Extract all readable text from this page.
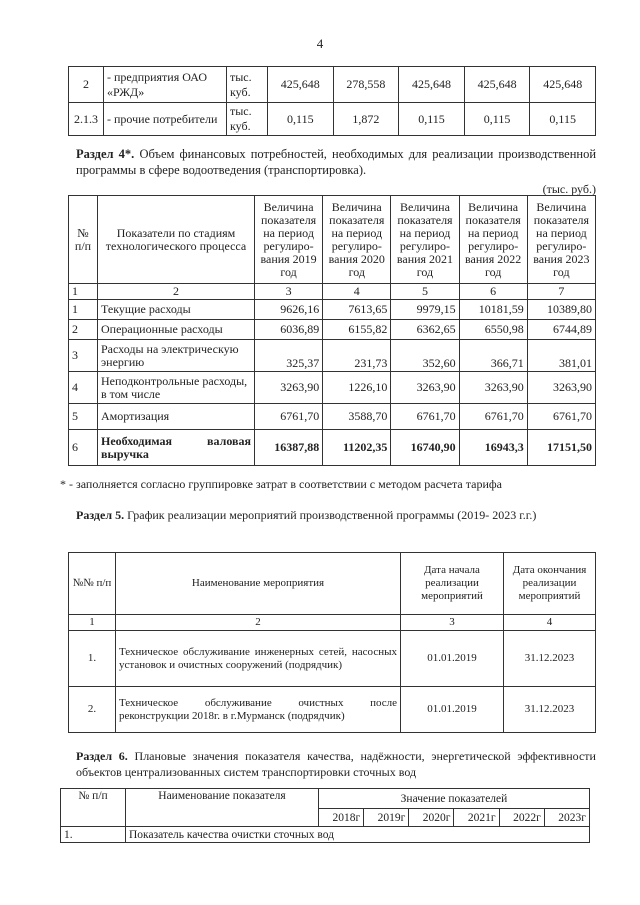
4
2	- предприятия ОАО «РЖД»	тыс. куб.	425,648	278,558	425,648	425,648	425,648
2.1.3	- прочие потребители	тыс. куб.	0,115	1,872	0,115	0,115	0,115

Раздел 4*. Объем финансовых потребностей, необходимых для реализации производственной программы в сфере водоотведения (транспортировка).

(тыс. руб.)
№ п/п	Показатели по стадиям технологического процесса	Величина показателя на период регулиро-вания 2019 год	Величина показателя на период регулиро-вания 2020 год	Величина показателя на период регулиро-вания 2021 год	Величина показателя на период регулиро-вания 2022 год	Величина показателя на период регулиро-вания 2023 год
1	2	3	4	5	6	7
1	Текущие расходы	9626,16	7613,65	9979,15	10181,59	10389,80
2	Операционные расходы	6036,89	6155,82	6362,65	6550,98	6744,89
3	Расходы на электрическую энергию	325,37	231,73	352,60	366,71	381,01
4	Неподконтрольные расходы, в том числе	3263,90	1226,10	3263,90	3263,90	3263,90
5	Амортизация	6761,70	3588,70	6761,70	6761,70	6761,70
6	Необходимая валовая выручка	16387,88	11202,35	16740,90	16943,3	17151,50
* - заполняется согласно группировке затрат в соответствии с методом расчета тарифа

Раздел 5. График реализации мероприятий производственной программы (2019- 2023 г.г.)

№№ п/п	Наименование мероприятия	Дата начала реализации мероприятий	Дата окончания реализации мероприятий
1	2	3	4
1.	Техническое обслуживание инженерных сетей, насосных установок и очистных сооружений (подрядчик)	01.01.2019	31.12.2023
2.	Техническое обслуживание очистных после реконструкции 2018г. в г.Мурманск (подрядчик)	01.01.2019	31.12.2023

Раздел 6. Плановые значения показателя качества, надёжности, энергетической эффективности объектов централизованных систем транспортировки сточных вод

№ п/п	Наименование показателя	Значение показателей					
		2018г	2019г	2020г	2021г	2022г	2023г
1.	Показатель качества очистки сточных вод						
